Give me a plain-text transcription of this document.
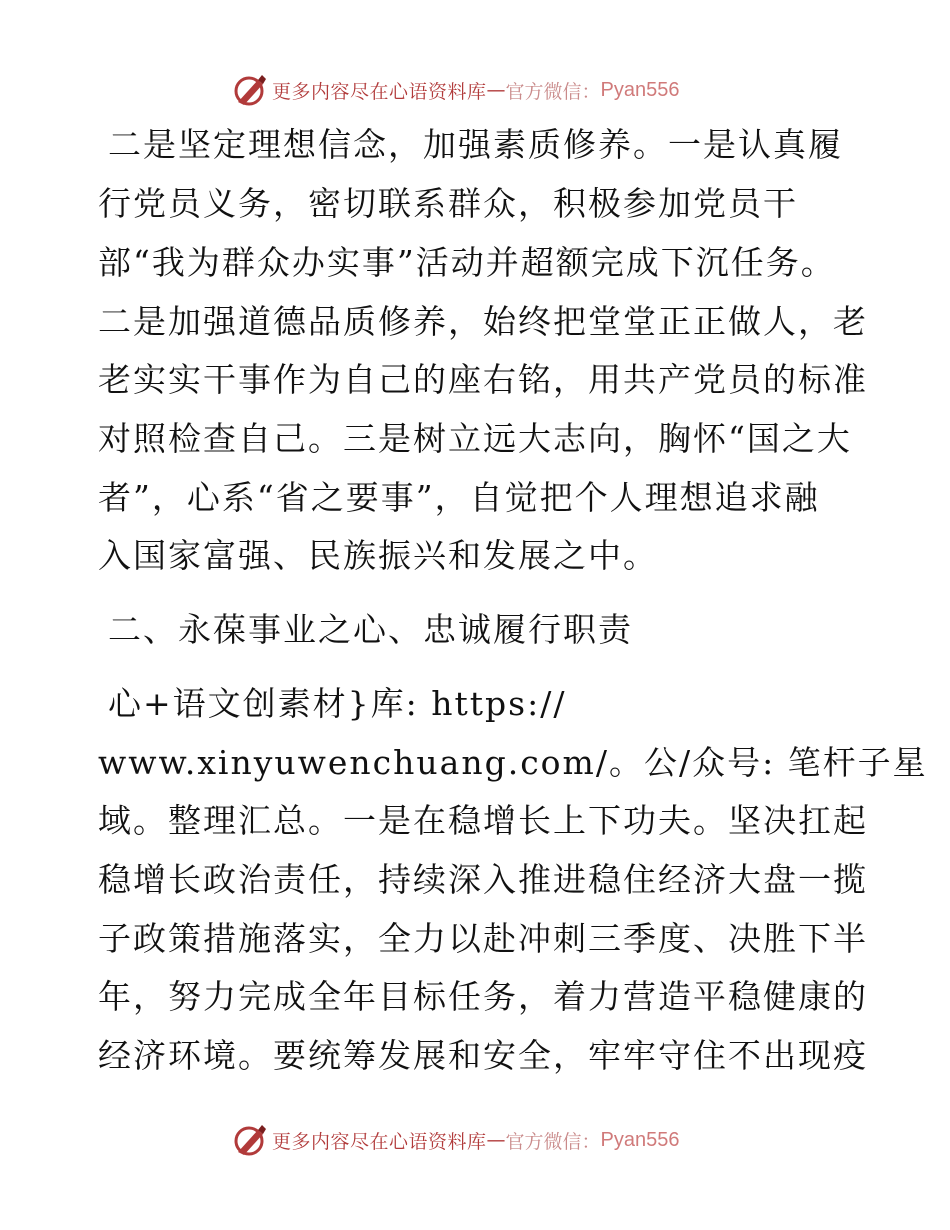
更多内容尽在心语资料库 — 官方微信： Pyan556
二是坚定理想信念，加强素质修养。一是认真履
行党员义务，密切联系群众，积极参加党员干
部“我为群众办实事”活动并超额完成下沉任务。
二是加强道德品质修养，始终把堂堂正正做人，老
老实实干事作为自己的座右铭，用共产党员的标准
对照检查自己。三是树立远大志向，胸怀“国之大
者”，心系“省之要事”，自觉把个人理想追求融
入国家富强、民族振兴和发展之中。
二、永葆事业之心、忠诚履行职责
心+语文创素材}库: https://
www.xinyuwenchuang.com/。公/众号: 笔杆子星
域。整理汇总。一是在稳增长上下功夫。坚决扛起
稳增长政治责任，持续深入推进稳住经济大盘一揽
子政策措施落实，全力以赴冲刺三季度、决胜下半
年，努力完成全年目标任务，着力营造平稳健康的
经济环境。要统筹发展和安全，牢牢守住不出现疫
更多内容尽在心语资料库 — 官方微信： Pyan556
